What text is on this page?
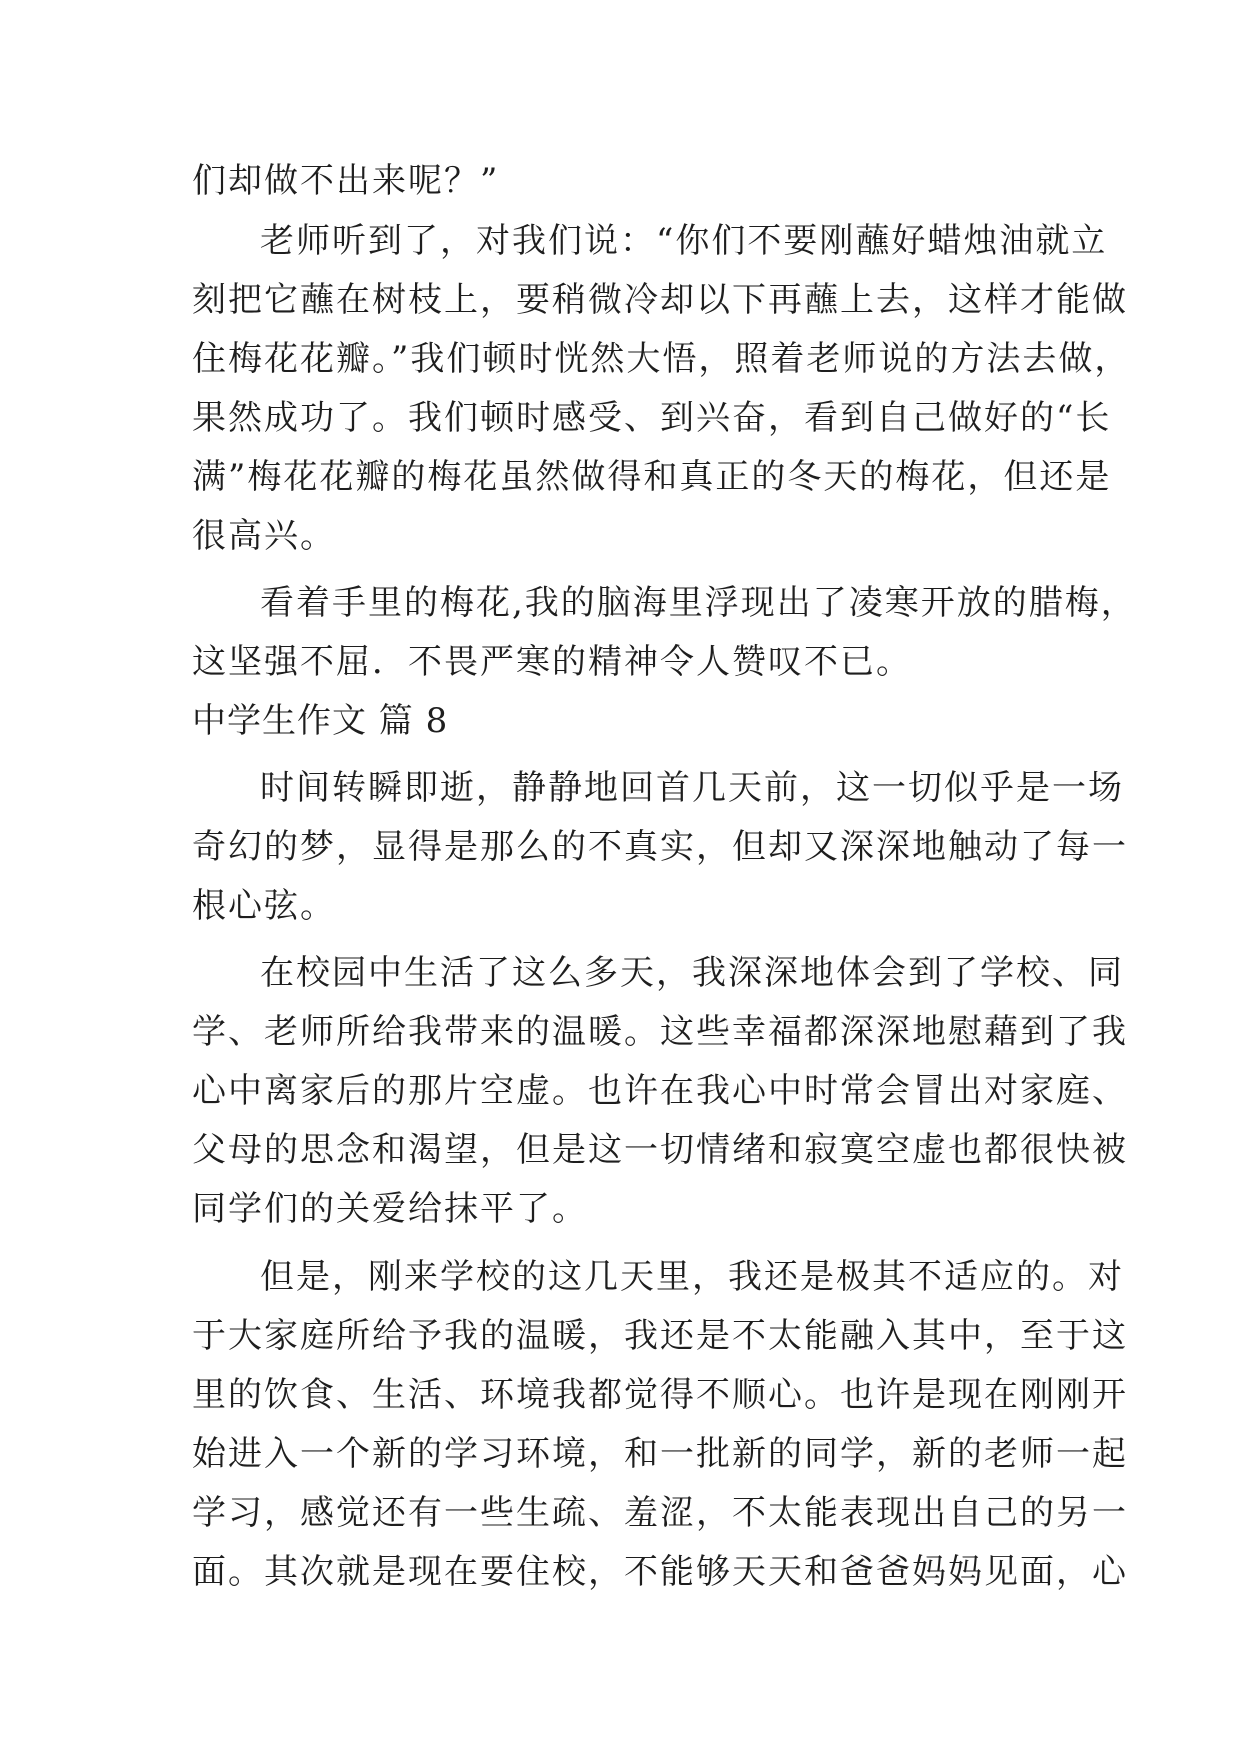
们却做不出来呢？”
老师听到了，对我们说：“你们不要刚蘸好蜡烛油就立
刻把它蘸在树枝上，要稍微冷却以下再蘸上去，这样才能做
住梅花花瓣。”我们顿时恍然大悟，照着老师说的方法去做，
果然成功了。我们顿时感受、到兴奋，看到自己做好的“长
满”梅花花瓣的梅花虽然做得和真正的冬天的梅花，但还是
很高兴。
看着手里的梅花,我的脑海里浮现出了凌寒开放的腊梅，
这坚强不屈．不畏严寒的精神令人赞叹不已。
中学生作文 篇 8
时间转瞬即逝，静静地回首几天前，这一切似乎是一场
奇幻的梦，显得是那么的不真实，但却又深深地触动了每一
根心弦。
在校园中生活了这么多天，我深深地体会到了学校、同
学、老师所给我带来的温暖。这些幸福都深深地慰藉到了我
心中离家后的那片空虚。也许在我心中时常会冒出对家庭、
父母的思念和渴望，但是这一切情绪和寂寞空虚也都很快被
同学们的关爱给抹平了。
但是，刚来学校的这几天里，我还是极其不适应的。对
于大家庭所给予我的温暖，我还是不太能融入其中，至于这
里的饮食、生活、环境我都觉得不顺心。也许是现在刚刚开
始进入一个新的学习环境，和一批新的同学，新的老师一起
学习，感觉还有一些生疏、羞涩，不太能表现出自己的另一
面。其次就是现在要住校，不能够天天和爸爸妈妈见面，心
